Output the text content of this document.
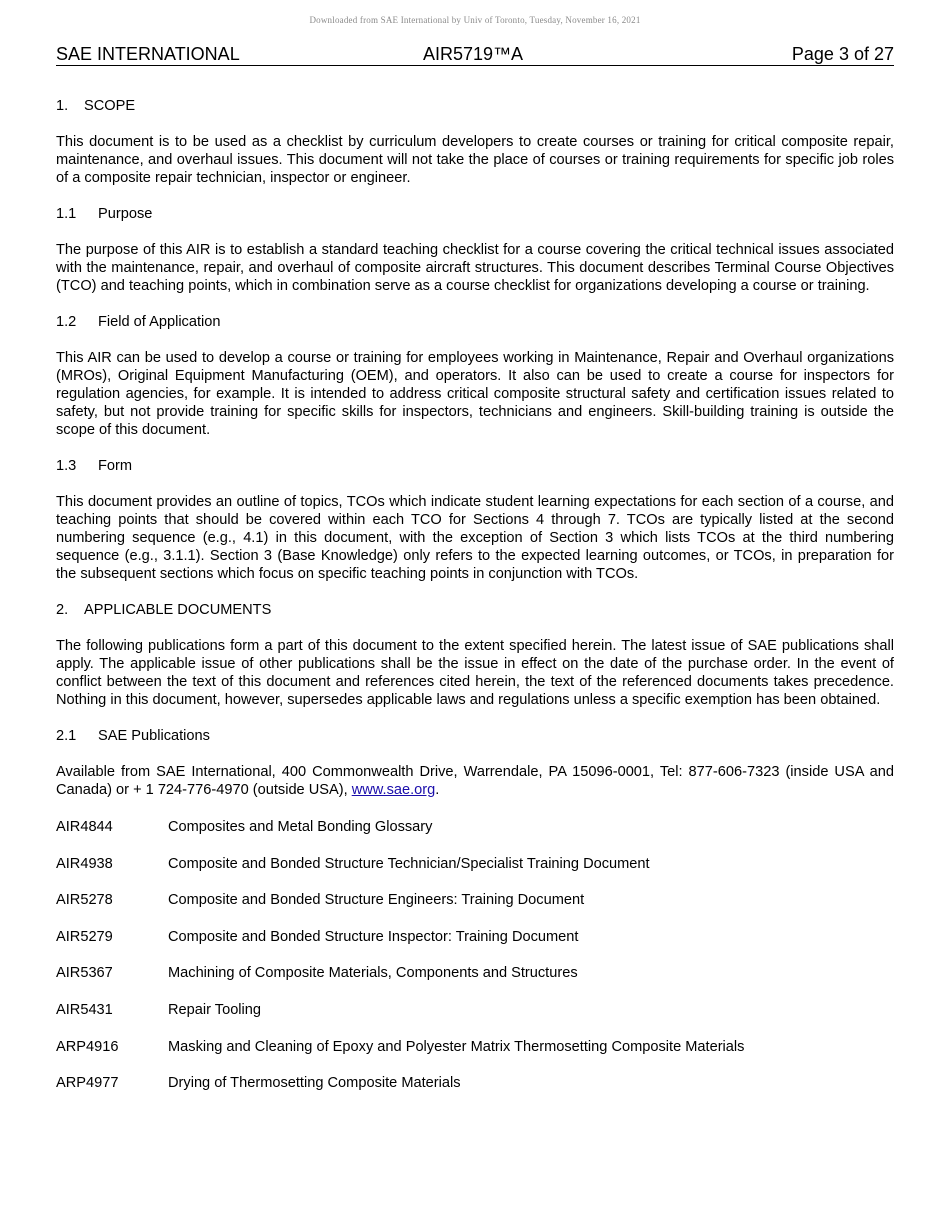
Downloaded from SAE International by Univ of Toronto, Tuesday, November 16, 2021
SAE INTERNATIONAL	AIR5719™A	Page 3 of 27

1. SCOPE

This document is to be used as a checklist by curriculum developers to create courses or training for critical composite repair, maintenance, and overhaul issues. This document will not take the place of courses or training requirements for specific job roles of a composite repair technician, inspector or engineer.

1.1 Purpose

The purpose of this AIR is to establish a standard teaching checklist for a course covering the critical technical issues associated with the maintenance, repair, and overhaul of composite aircraft structures. This document describes Terminal Course Objectives (TCO) and teaching points, which in combination serve as a course checklist for organizations developing a course or training.

1.2 Field of Application

This AIR can be used to develop a course or training for employees working in Maintenance, Repair and Overhaul organizations (MROs), Original Equipment Manufacturing (OEM), and operators. It also can be used to create a course for inspectors for regulation agencies, for example. It is intended to address critical composite structural safety and certification issues related to safety, but not provide training for specific skills for inspectors, technicians and engineers. Skill-building training is outside the scope of this document.

1.3 Form

This document provides an outline of topics, TCOs which indicate student learning expectations for each section of a course, and teaching points that should be covered within each TCO for Sections 4 through 7. TCOs are typically listed at the second numbering sequence (e.g., 4.1) in this document, with the exception of Section 3 which lists TCOs at the third numbering sequence (e.g., 3.1.1). Section 3 (Base Knowledge) only refers to the expected learning outcomes, or TCOs, in preparation for the subsequent sections which focus on specific teaching points in conjunction with TCOs.

2. APPLICABLE DOCUMENTS

The following publications form a part of this document to the extent specified herein. The latest issue of SAE publications shall apply. The applicable issue of other publications shall be the issue in effect on the date of the purchase order. In the event of conflict between the text of this document and references cited herein, the text of the referenced documents takes precedence. Nothing in this document, however, supersedes applicable laws and regulations unless a specific exemption has been obtained.

2.1 SAE Publications

Available from SAE International, 400 Commonwealth Drive, Warrendale, PA 15096-0001, Tel: 877-606-7323 (inside USA and Canada) or + 1 724-776-4970 (outside USA), www.sae.org.

AIR4844	Composites and Metal Bonding Glossary

AIR4938	Composite and Bonded Structure Technician/Specialist Training Document

AIR5278	Composite and Bonded Structure Engineers: Training Document

AIR5279	Composite and Bonded Structure Inspector: Training Document

AIR5367	Machining of Composite Materials, Components and Structures

AIR5431	Repair Tooling

ARP4916	Masking and Cleaning of Epoxy and Polyester Matrix Thermosetting Composite Materials

ARP4977	Drying of Thermosetting Composite Materials
